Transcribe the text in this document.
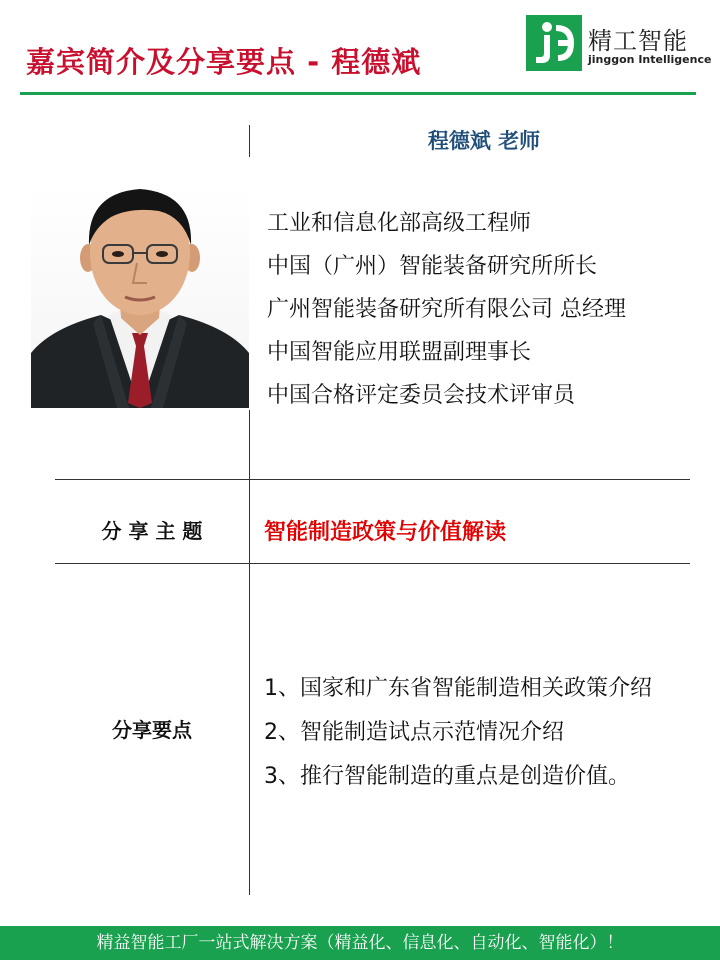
嘉宾简介及分享要点 - 程德斌
精工智能
jinggon Intelligence
程德斌 老师
工业和信息化部高级工程师
中国（广州）智能装备研究所所长
广州智能装备研究所有限公司 总经理
中国智能应用联盟副理事长
中国合格评定委员会技术评审员
分 享 主 题	智能制造政策与价值解读
分享要点
1、国家和广东省智能制造相关政策介绍
2、智能制造试点示范情况介绍
3、推行智能制造的重点是创造价值。
精益智能工厂一站式解决方案（精益化、信息化、自动化、智能化）！
